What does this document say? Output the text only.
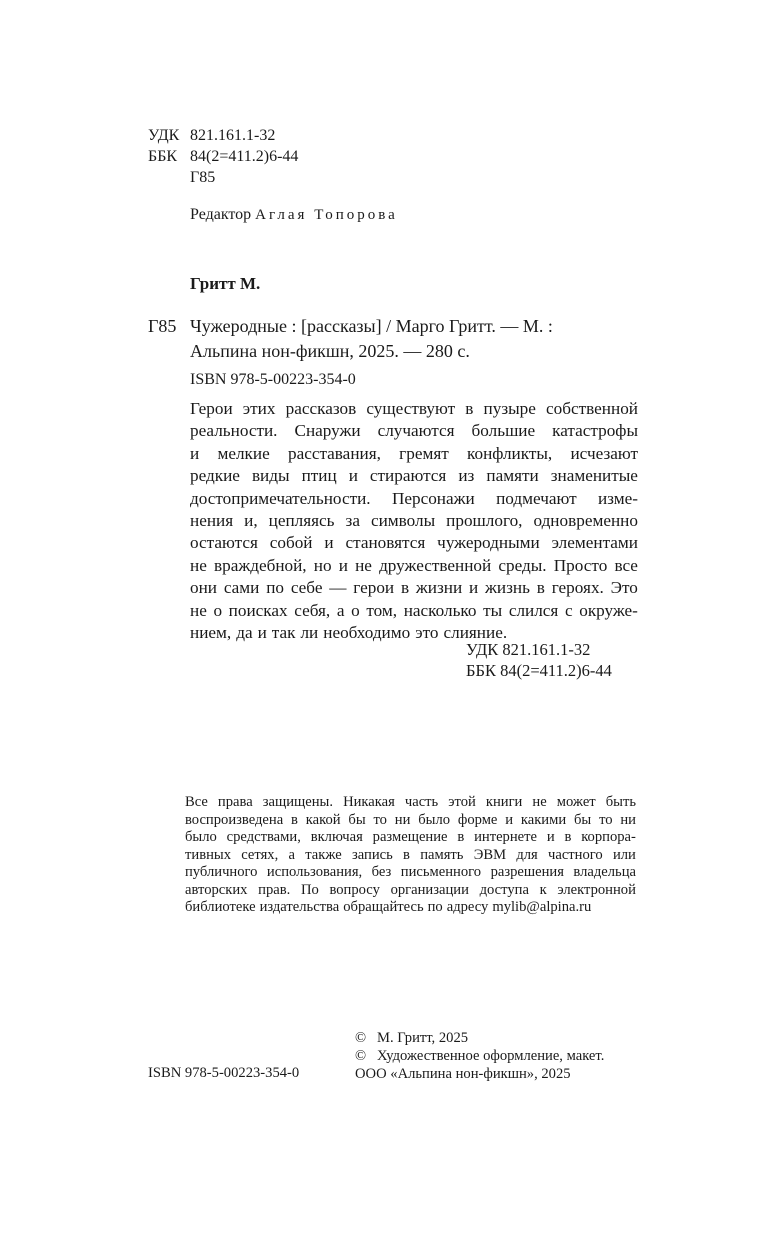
УДК 821.161.1-32
ББК 84(2=411.2)6-44
Г85
Редактор Аглая Топорова
Гритт М.
Г85 Чужеродные : [рассказы] / Марго Гритт. — М. :
Альпина нон-фикшн, 2025. — 280 с.
ISBN 978-5-00223-354-0
Герои этих рассказов существуют в пузыре собственной
реальности. Снаружи случаются большие катастрофы
и мелкие расставания, гремят конфликты, исчезают
редкие виды птиц и стираются из памяти знаменитые
достопримечательности. Персонажи подмечают изме-
нения и, цепляясь за символы прошлого, одновременно
остаются собой и становятся чужеродными элементами
не враждебной, но и не дружественной среды. Просто все
они сами по себе — герои в жизни и жизнь в героях. Это
не о поисках себя, а о том, насколько ты слился с окруже-
нием, да и так ли необходимо это слияние.
УДК 821.161.1-32
ББК 84(2=411.2)6-44
Все права защищены. Никакая часть этой книги не может быть
воспроизведена в какой бы то ни было форме и какими бы то ни
было средствами, включая размещение в интернете и в корпора-
тивных сетях, а также запись в память ЭВМ для частного или
публичного использования, без письменного разрешения владельца
авторских прав. По вопросу организации доступа к электронной
библиотеке издательства обращайтесь по адресу mylib@alpina.ru
© М. Гритт, 2025
© Художественное оформление, макет.
ООО «Альпина нон-фикшн», 2025
ISBN 978-5-00223-354-0
